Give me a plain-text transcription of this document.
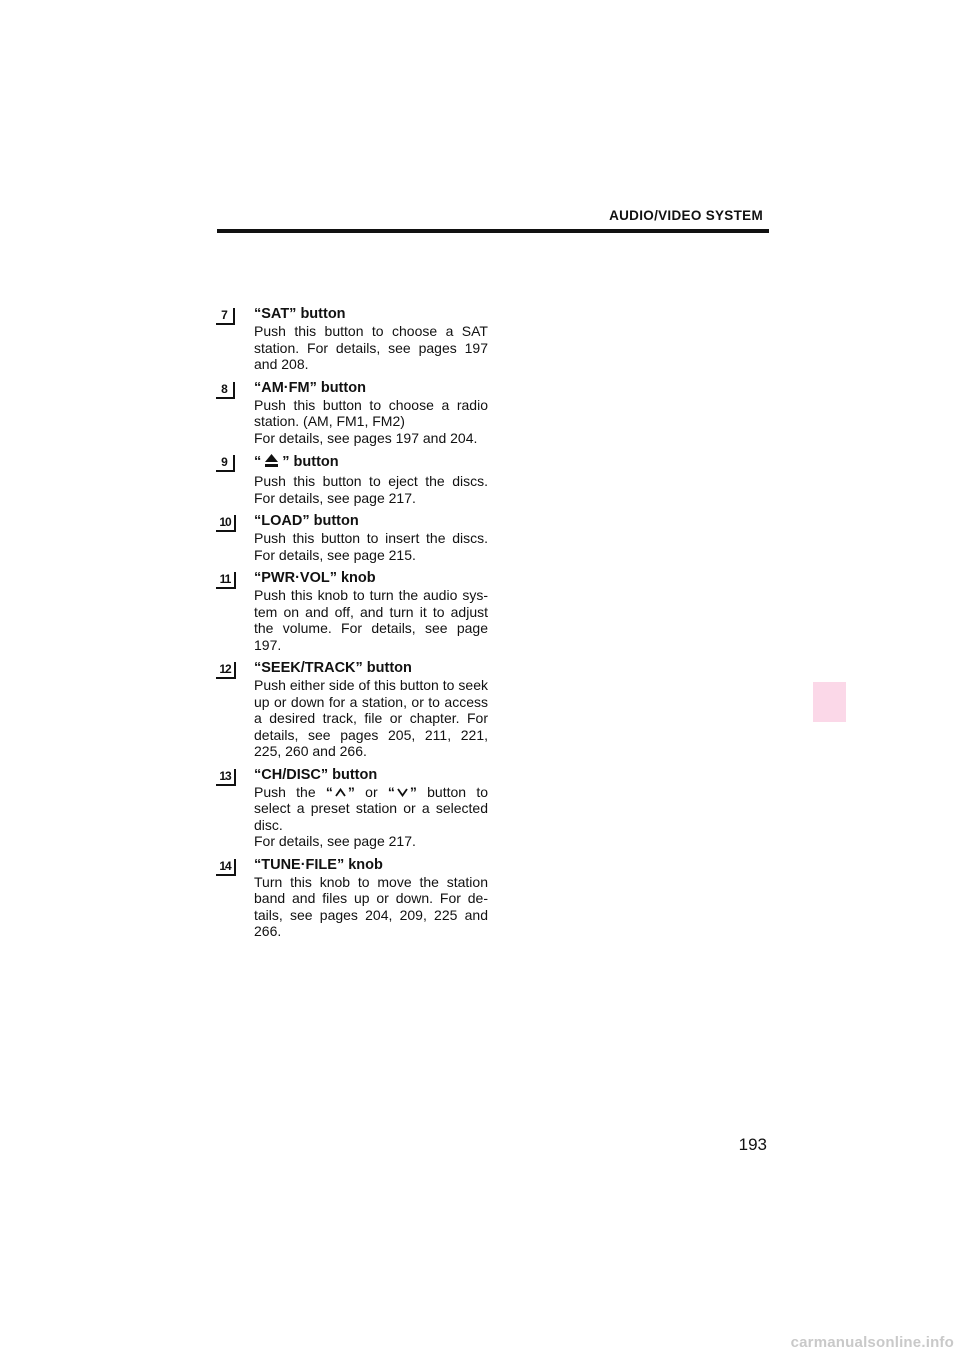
AUDIO/VIDEO SYSTEM
7	“SAT” button
Push this button to choose a SAT station. For details, see pages 197 and 208.
8	“AM·FM” button
Push this button to choose a radio station. (AM, FM1, FM2)
For details, see pages 197 and 204.
9	“ ” button
Push this button to eject the discs. For details, see page 217.
10	“LOAD” button
Push this button to insert the discs. For details, see page 215.
11	“PWR·VOL” knob
Push this knob to turn the audio sys- tem on and off, and turn it to adjust the volume. For details, see page 197.
12	“SEEK/TRACK” button
Push either side of this button to seek up or down for a station, or to access a desired track, file or chapter. For details, see pages 205, 211, 221, 225, 260 and 266.
13	“CH/DISC” button
Push the “ ” or “ ” button to select a preset station or a selected disc.
For details, see page 217.
14	“TUNE·FILE” knob
Turn this knob to move the station band and files up or down. For de- tails, see pages 204, 209, 225 and 266.
193
carmanualsonline.info
